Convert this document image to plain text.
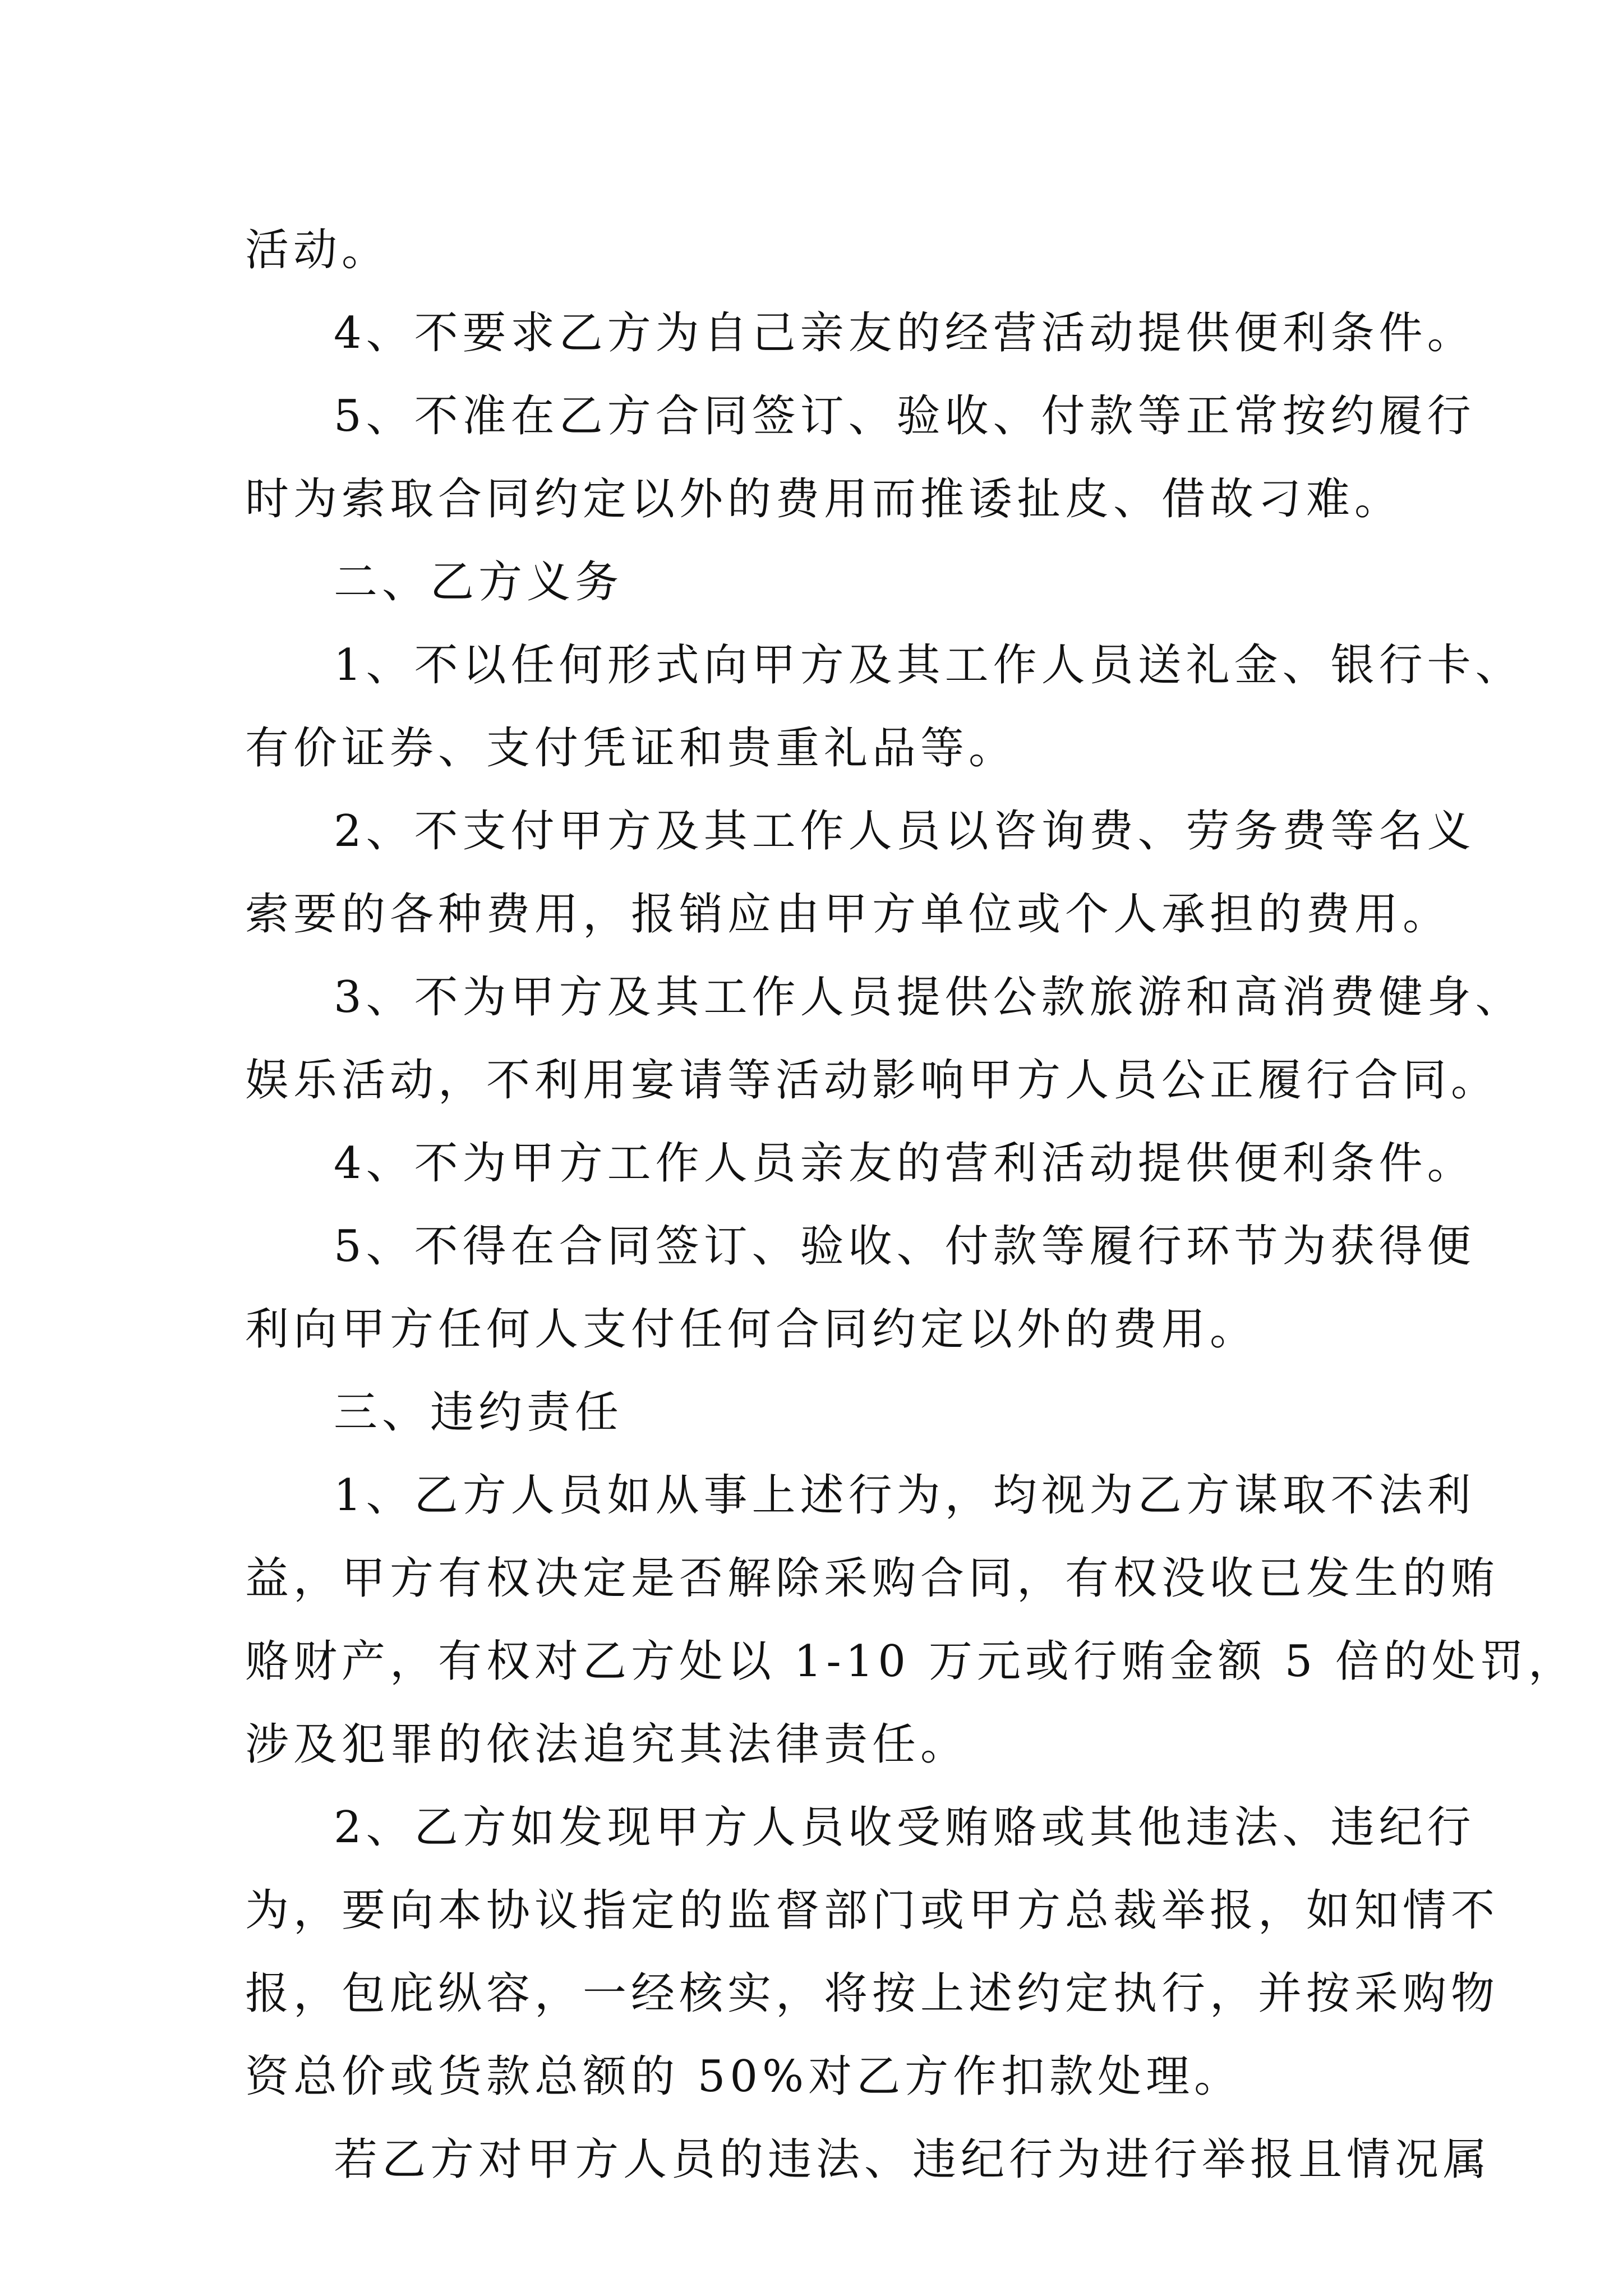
活动。
4、不要求乙方为自己亲友的经营活动提供便利条件。
5、不准在乙方合同签订、验收、付款等正常按约履行
时为索取合同约定以外的费用而推诿扯皮、借故刁难。
二、乙方义务
1、不以任何形式向甲方及其工作人员送礼金、银行卡、
有价证券、支付凭证和贵重礼品等。
2、不支付甲方及其工作人员以咨询费、劳务费等名义
索要的各种费用，报销应由甲方单位或个人承担的费用。
3、不为甲方及其工作人员提供公款旅游和高消费健身、
娱乐活动，不利用宴请等活动影响甲方人员公正履行合同。
4、不为甲方工作人员亲友的营利活动提供便利条件。
5、不得在合同签订、验收、付款等履行环节为获得便
利向甲方任何人支付任何合同约定以外的费用。
三、违约责任
1、乙方人员如从事上述行为，均视为乙方谋取不法利
益，甲方有权决定是否解除采购合同，有权没收已发生的贿
赂财产，有权对乙方处以 1-10 万元或行贿金额 5 倍的处罚，
涉及犯罪的依法追究其法律责任。
2、乙方如发现甲方人员收受贿赂或其他违法、违纪行
为，要向本协议指定的监督部门或甲方总裁举报，如知情不
报，包庇纵容，一经核实，将按上述约定执行，并按采购物
资总价或货款总额的 50%对乙方作扣款处理。
若乙方对甲方人员的违法、违纪行为进行举报且情况属
